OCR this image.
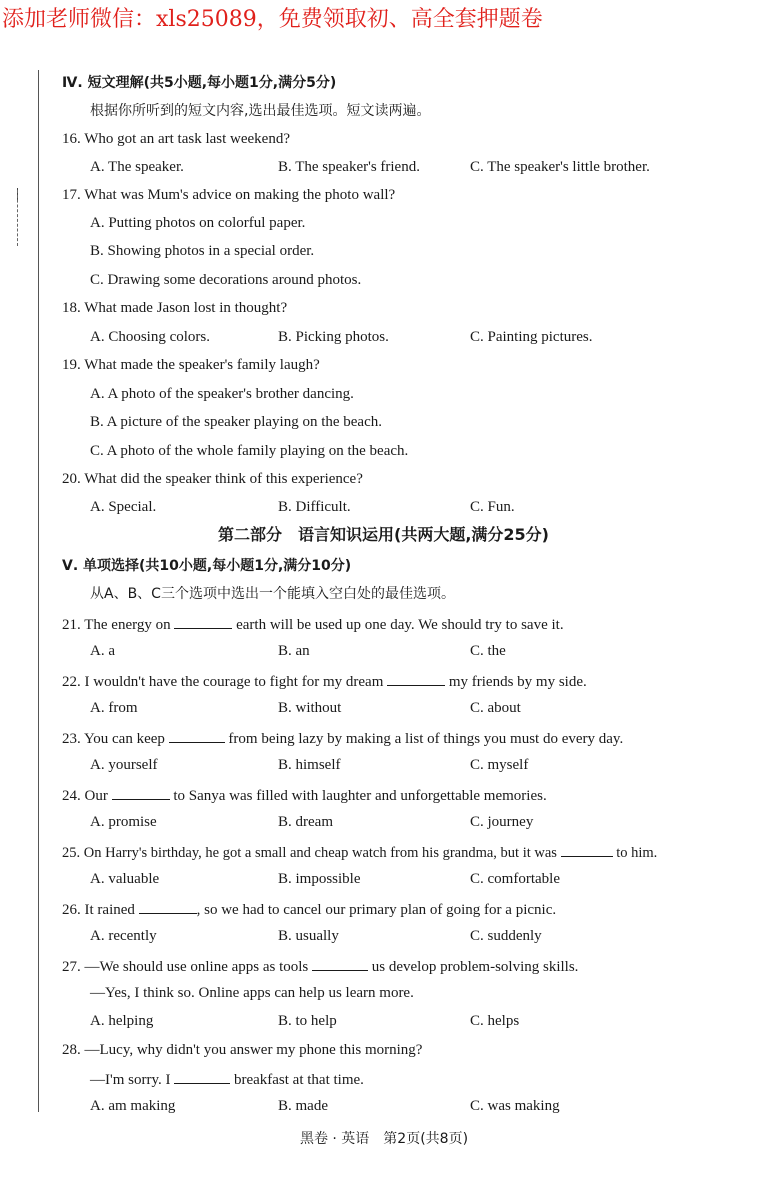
添加老师微信：xls25089，免费领取初、高全套押题卷
Ⅳ. 短文理解(共5小题,每小题1分,满分5分)
根据你所听到的短文内容,选出最佳选项。短文读两遍。
16. Who got an art task last weekend?
A. The speaker.	B. The speaker's friend.	C. The speaker's little brother.
17. What was Mum's advice on making the photo wall?
A. Putting photos on colorful paper.
B. Showing photos in a special order.
C. Drawing some decorations around photos.
18. What made Jason lost in thought?
A. Choosing colors.	B. Picking photos.	C. Painting pictures.
19. What made the speaker's family laugh?
A. A photo of the speaker's brother dancing.
B. A picture of the speaker playing on the beach.
C. A photo of the whole family playing on the beach.
20. What did the speaker think of this experience?
A. Special.	B. Difficult.	C. Fun.
第二部分　语言知识运用(共两大题,满分25分)
Ⅴ. 单项选择(共10小题,每小题1分,满分10分)
从A、B、C三个选项中选出一个能填入空白处的最佳选项。
21. The energy on	earth will be used up one day. We should try to save it.
A. a	B. an	C. the
22. I wouldn't have the courage to fight for my dream	my friends by my side.
A. from	B. without	C. about
23. You can keep	from being lazy by making a list of things you must do every day.
A. yourself	B. himself	C. myself
24. Our	to Sanya was filled with laughter and unforgettable memories.
A. promise	B. dream	C. journey
25. On Harry's birthday, he got a small and cheap watch from his grandma, but it was	to him.
A. valuable	B. impossible	C. comfortable
26. It rained	, so we had to cancel our primary plan of going for a picnic.
A. recently	B. usually	C. suddenly
27. —We should use online apps as tools	us develop problem-solving skills.
—Yes, I think so. Online apps can help us learn more.
A. helping	B. to help	C. helps
28. —Lucy, why didn't you answer my phone this morning?
—I'm sorry. I	breakfast at that time.
A. am making	B. made	C. was making
黑卷 · 英语　第2页(共8页)
